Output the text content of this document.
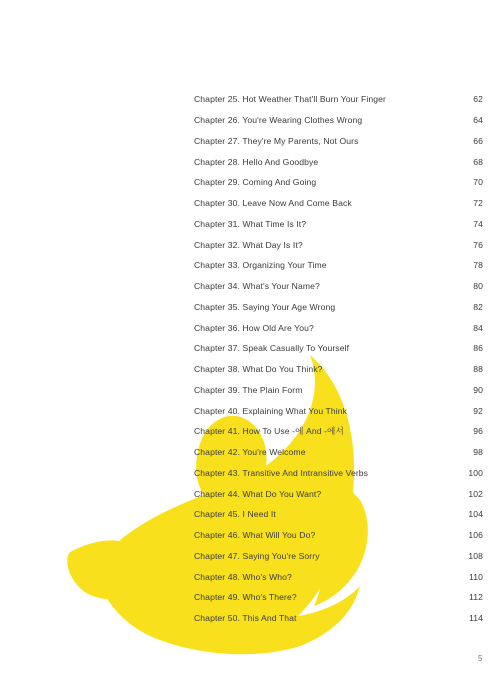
Chapter 25. Hot Weather That'll Burn Your Finger	62
Chapter 26. You're Wearing Clothes Wrong	64
Chapter 27. They're My Parents, Not Ours	66
Chapter 28. Hello And Goodbye	68
Chapter 29. Coming And Going	70
Chapter 30. Leave Now And Come Back	72
Chapter 31. What Time Is It?	74
Chapter 32. What Day Is It?	76
Chapter 33. Organizing Your Time	78
Chapter 34. What's Your Name?	80
Chapter 35. Saying Your Age Wrong	82
Chapter 36. How Old Are You?	84
Chapter 37. Speak Casually To Yourself	86
Chapter 38. What Do You Think?	88
Chapter 39. The Plain Form	90
Chapter 40. Explaining What You Think	92
Chapter 41. How To Use -에 And -에서	96
Chapter 42. You're Welcome	98
Chapter 43. Transitive And Intransitive Verbs	100
Chapter 44. What Do You Want?	102
Chapter 45. I Need It	104
Chapter 46. What Will You Do?	106
Chapter 47. Saying You're Sorry	108
Chapter 48. Who's Who?	110
Chapter 49. Who's There?	112
Chapter 50. This And That	114
5
